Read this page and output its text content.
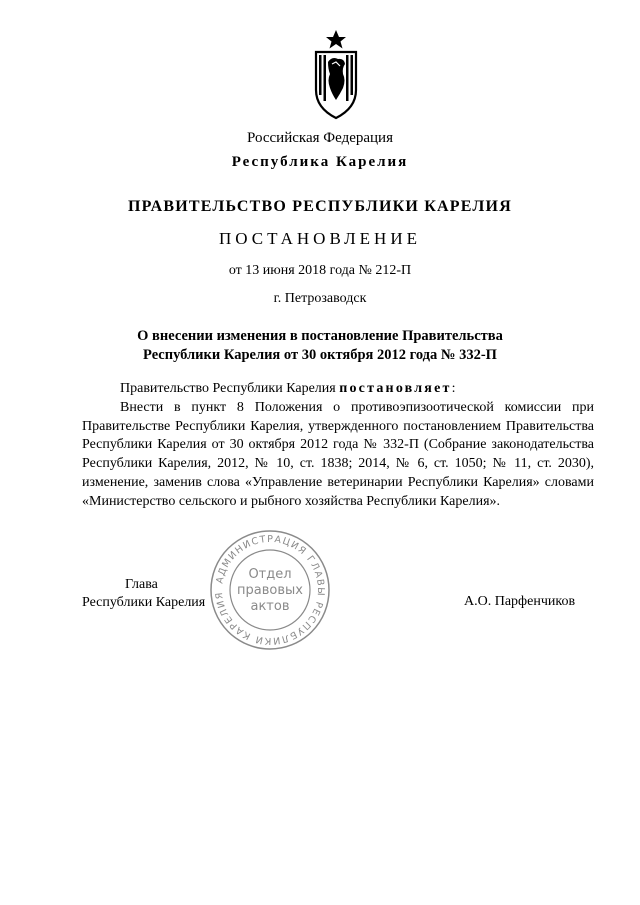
Российская Федерация
Республика Карелия
ПРАВИТЕЛЬСТВО РЕСПУБЛИКИ КАРЕЛИЯ
ПОСТАНОВЛЕНИЕ
от 13 июня 2018 года № 212-П
г. Петрозаводск
О внесении изменения в постановление Правительства
Республики Карелия от 30 октября 2012 года № 332-П
Правительство Республики Карелия постановляет:
Внести в пункт 8 Положения о противоэпизоотической комиссии при Правительстве Республики Карелия, утвержденного постановлением Правительства Республики Карелия от 30 октября 2012 года № 332-П (Собрание законодательства Республики Карелия, 2012, № 10, ст. 1838; 2014, № 6, ст. 1050; № 11, ст. 2030), изменение, заменив слова «Управление ветеринарии Республики Карелия» словами «Министерство сельского и рыбного хозяйства Республики Карелия».
Глава
Республики Карелия	А.О. Парфенчиков
АДМИНИСТРАЦИЯ ГЛАВЫ РЕСПУБЛИКИ КАРЕЛИЯ
Отдел
правовых
актов
